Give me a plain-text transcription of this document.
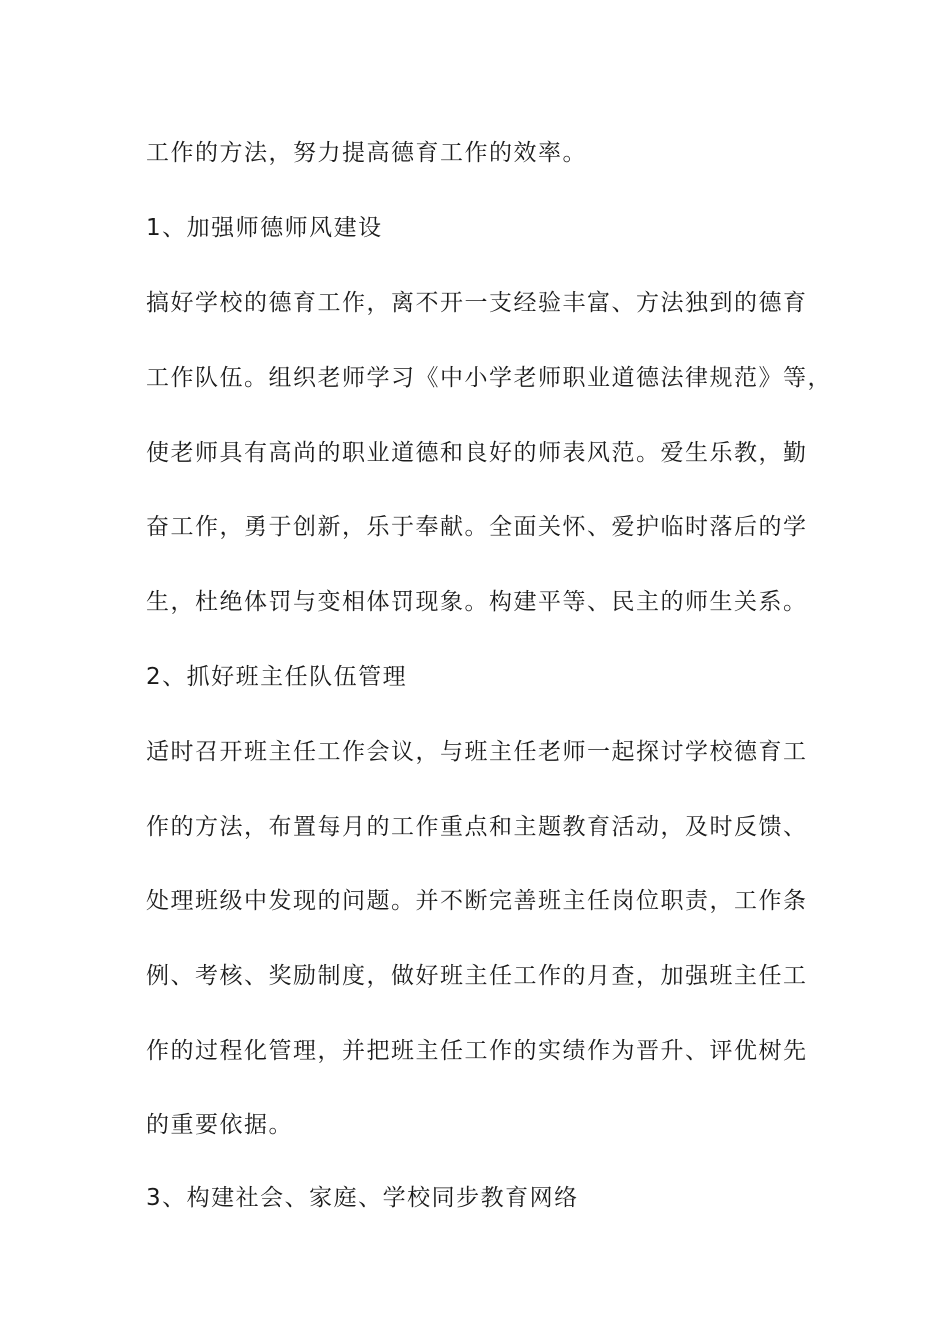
工作的方法，努力提高德育工作的效率。
1、加强师德师风建设
搞好学校的德育工作，离不开一支经验丰富、方法独到的德育
工作队伍。组织老师学习《中小学老师职业道德法律规范》等，
使老师具有高尚的职业道德和良好的师表风范。爱生乐教，勤
奋工作，勇于创新，乐于奉献。全面关怀、爱护临时落后的学
生，杜绝体罚与变相体罚现象。构建平等、民主的师生关系。
2、抓好班主任队伍管理
适时召开班主任工作会议，与班主任老师一起探讨学校德育工
作的方法，布置每月的工作重点和主题教育活动，及时反馈、
处理班级中发现的问题。并不断完善班主任岗位职责，工作条
例、考核、奖励制度，做好班主任工作的月查，加强班主任工
作的过程化管理，并把班主任工作的实绩作为晋升、评优树先
的重要依据。
3、构建社会、家庭、学校同步教育网络
